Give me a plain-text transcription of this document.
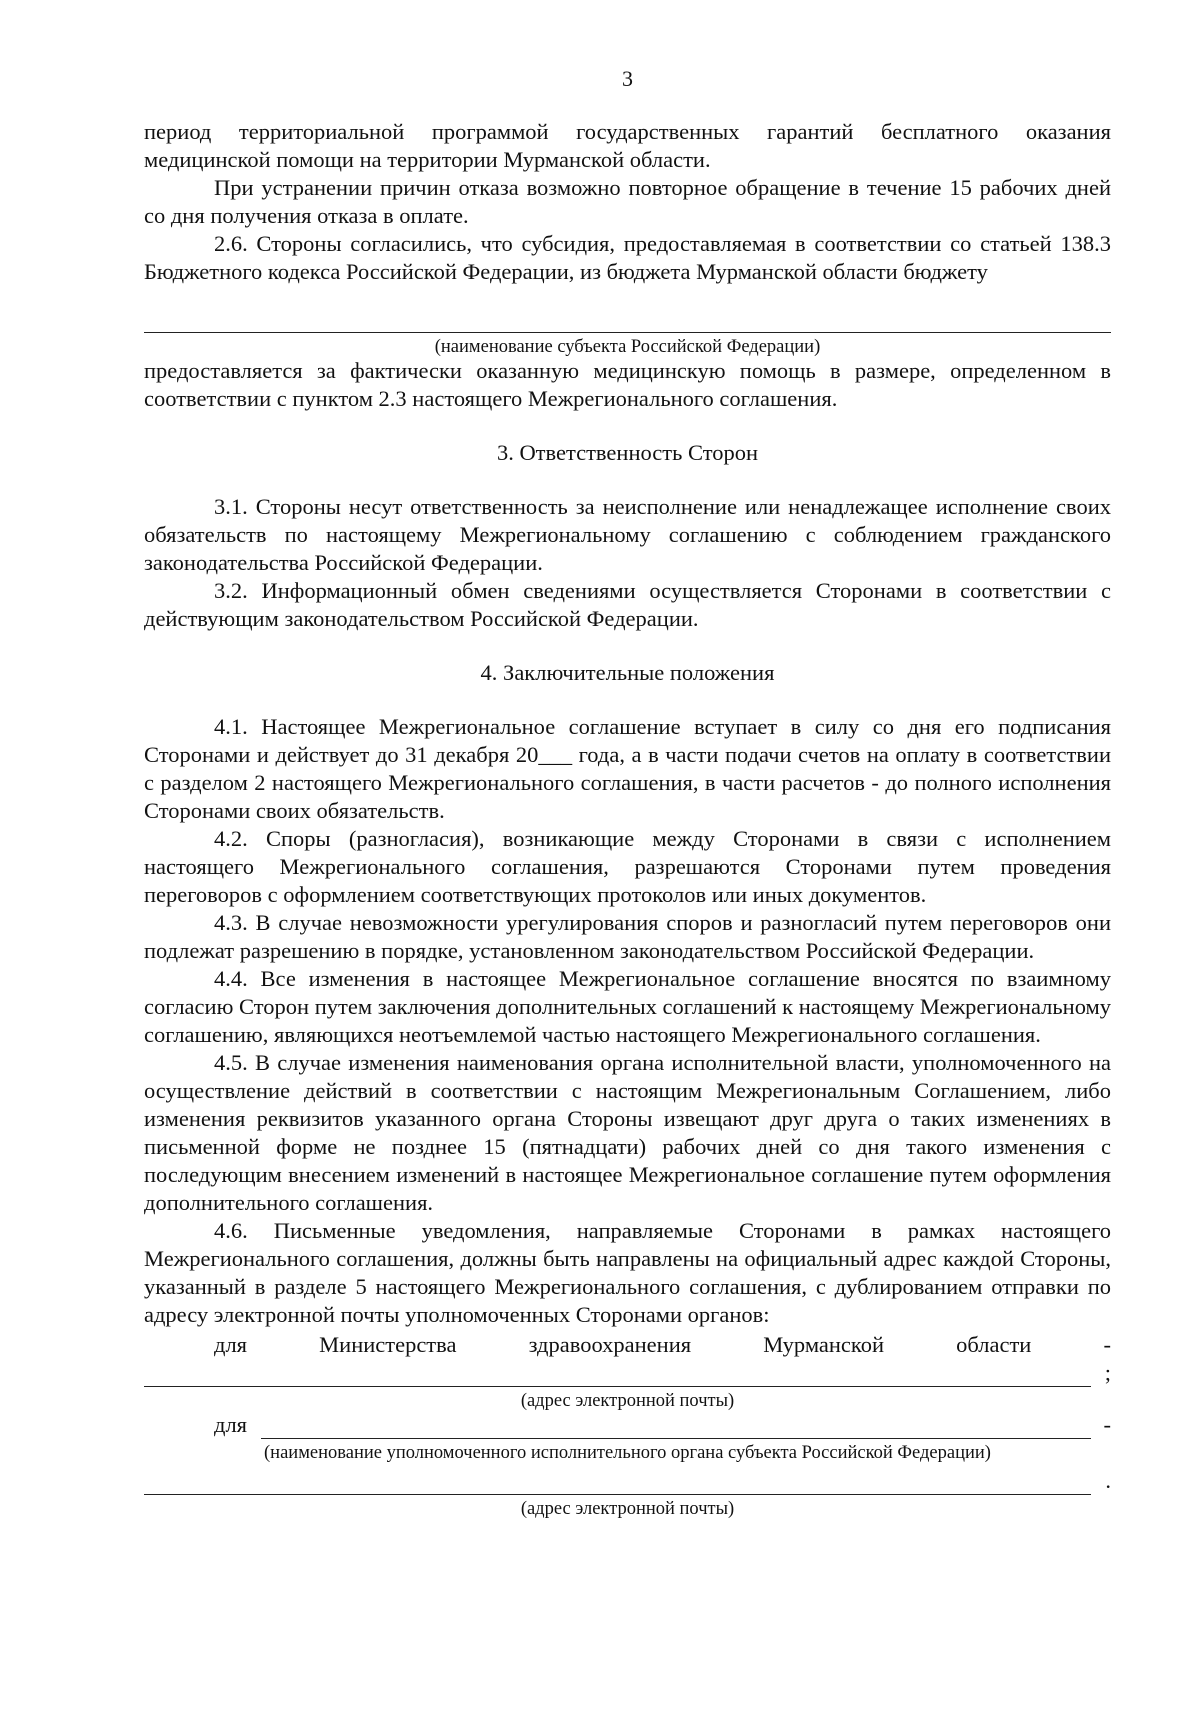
3

период территориальной программой государственных гарантий бесплатного оказания медицинской помощи на территории Мурманской области.

При устранении причин отказа возможно повторное обращение в течение 15 рабочих дней со дня получения отказа в оплате.

2.6. Стороны согласились, что субсидия, предоставляемая в соответствии со статьей 138.3 Бюджетного кодекса Российской Федерации, из бюджета Мурманской области бюджету

(наименование субъекта Российской Федерации)

предоставляется за фактически оказанную медицинскую помощь в размере, определенном в соответствии с пунктом 2.3 настоящего Межрегионального соглашения.

3. Ответственность Сторон

3.1. Стороны несут ответственность за неисполнение или ненадлежащее исполнение своих обязательств по настоящему Межрегиональному соглашению с соблюдением гражданского законодательства Российской Федерации.

3.2. Информационный обмен сведениями осуществляется Сторонами в соответствии с действующим законодательством Российской Федерации.

4. Заключительные положения

4.1. Настоящее Межрегиональное соглашение вступает в силу со дня его подписания Сторонами и действует до 31 декабря 20___ года, а в части подачи счетов на оплату в соответствии с разделом 2 настоящего Межрегионального соглашения, в части расчетов - до полного исполнения Сторонами своих обязательств.

4.2. Споры (разногласия), возникающие между Сторонами в связи с исполнением настоящего Межрегионального соглашения, разрешаются Сторонами путем проведения переговоров с оформлением соответствующих протоколов или иных документов.

4.3. В случае невозможности урегулирования споров и разногласий путем переговоров они подлежат разрешению в порядке, установленном законодательством Российской Федерации.

4.4. Все изменения в настоящее Межрегиональное соглашение вносятся по взаимному согласию Сторон путем заключения дополнительных соглашений к настоящему Межрегиональному соглашению, являющихся неотъемлемой частью настоящего Межрегионального соглашения.

4.5. В случае изменения наименования органа исполнительной власти, уполномоченного на осуществление действий в соответствии с настоящим Межрегиональным Соглашением, либо изменения реквизитов указанного органа Стороны извещают друг друга о таких изменениях в письменной форме не позднее 15 (пятнадцати) рабочих дней со дня такого изменения с последующим внесением изменений в настоящее Межрегиональное соглашение путем оформления дополнительного соглашения.

4.6. Письменные уведомления, направляемые Сторонами в рамках настоящего Межрегионального соглашения, должны быть направлены на официальный адрес каждой Стороны, указанный в разделе 5 настоящего Межрегионального соглашения, с дублированием отправки по адресу электронной почты уполномоченных Сторонами органов:

для	Министерства	здравоохранения	Мурманской	области	-
;
(адрес электронной почты)
для	-
(наименование уполномоченного исполнительного органа субъекта Российской Федерации)
.
(адрес электронной почты)
